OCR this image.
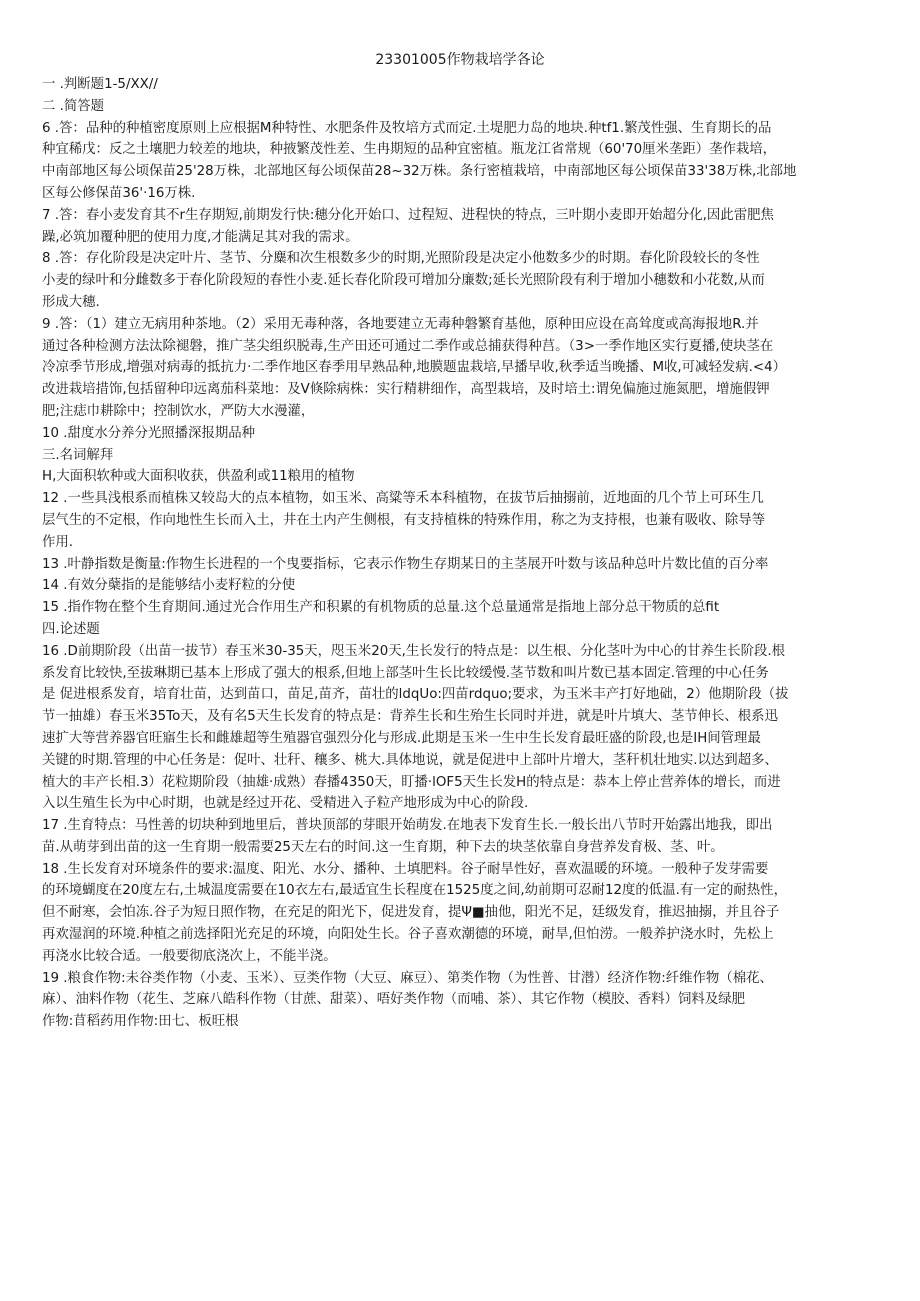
23301005作物栽培学各论
一 .判断题1-5/XX//
二 .简答题
6 .答：品种的种植密度原则上应根据M种特性、水肥条件及牧培方式而定.土堤肥力岛的地块.种tf1.繁茂性强、生育期长的品
种宜稀戊：反之土壤肥力较差的地块，种掖繁茂性差、生冉期短的品种宜密植。瓶龙江省常规（60'70厘米垄距）垄作栽培，
中南部地区每公顷保苗25'28万株，北部地区每公顷保苗28~32万株。条行密植栽培，中南部地区每公顷保苗33'38万株,北部地
区每公修保苗36'·16万株.
7 .答：春小麦发育其不r生存期短,前期发行快:穗分化开始口、过程短、进程快的特点，三叶期小麦即开始超分化,因此雷肥焦
躁,必筑加覆种肥的使用力度,才能满足其对我的需求。
8 .答：存化阶段是决定叶片、茎节、分麋和次生根数多少的时期,光照阶段是决定小他数多少的时期。春化阶段较长的冬性
小麦的绿叶和分雌数多于春化阶段短的春性小麦.延长春化阶段可增加分廉数;延长光照阶段有利于增加小穗数和小花数,从而
形成大穗.
9 .答：（1）建立无病用种茶地。（2）采用无毒种落，各地要建立无毒种磐繁育基他，原种田应设在高耸度或高海报地R.并
通过各种检测方法汰除褪磐，推广茎尖组织脱毒,生产田还可通过二季作或总捕获得种莒。（3>一季作地区实行夏播,使块茎在
冷凉季节形成,增强对病毒的抵抗力·二季作地区春季用早熟品种,地膜题盅栽培,早播早收,秋季适当晚播、M收,可减轻发病.<4）
改进栽培措饰,包括留种印远离茄科菜地：及V倏除病株：实行精耕细作，高型栽培，及时培土:谓免偏施过施氮肥，增施假钾
肥;注痣巾耕除中；控制饮水，严防大水漫灌，
10 .甜度水分养分光照播深报期品种
三.名词解拜
H,大面积软种或大面积收获，供盈利或11粮用的植物
12 .一些具浅根系而植株又较岛大的点本植物，如玉米、高粱等禾本科植物，在拔节后抽搦前，近地面的几个节上可环生几
层气生的不定根，作向地性生长而入土，井在土内产生侧根，有支持植株的特殊作用，称之为支持根，也兼有吸收、除导等
作用.
13 .叶静指数是衡量:作物生长进程的一个曳要指标，它表示作物生存期某日的主茎展开叶数与该品种总叶片数比值的百分率
14 .有效分蘖指的是能够结小麦籽粒的分使
15 .指作物在整个生育期间.通过光合作用生产和积累的有机物质的总量.这个总量通常是指地上部分总干物质的总fit
四.论述题
16 .D前期阶段（出苗一拔节）春玉米30-35天，咫玉米20天,生长发行的特点是：以生根、分化茎叶为中心的甘养生长阶段.根
系发育比较快,至拔琳期已基本上形成了强大的根系,但地上部茎叶生长比较缓慢.茎节数和叫片数已基本固定.管理的中心任务
是 促进根系发育，培育壮苗，达到苗口，苗足,苗齐，苗壮的ldqUo:四苗rdquo;要求，为玉米丰产打好地础，2）他期阶段（拔
节一抽雄）春玉米35To天，及有名5天生长发育的特点是：背养生长和生殆生长同时并进，就是叶片填大、茎节伸长、根系迅
速扩大等营养器官旺寤生长和雌雄超等生殖器官强烈分化与形成.此期是玉米一生中生长发育最旺盛的阶段,也是IH间管理最
关键的时期.管理的中心任务是：促叶、壮秆、穰多、桃大.具体地说，就是促进中上部叶片增大，茎秆机壮地实.以达到超多、
植大的丰产长相.3）花粒期阶段（抽雄·成熟）春播4350天，盯播·lOF5天生长发H的特点是：恭本上停止营养体的增长，而进
入以生殖生长为中心时期，也就是经过开花、受精进入子粒产地形成为中心的阶段.
17 .生育特点：马性善的切块种到地里后，普块顶部的芽眼开始萌发.在地表下发育生长.一般长出八节时开始露出地我，即出
苗.从萌芽到出苗的这一生育期一般需要25天左右的时间.这一生育期，种下去的块茎依靠自身营养发育极、茎、叶。
18 .生长发育对环境条件的要求:温度、阳光、水分、播种、土填肥料。谷子耐旱性好，喜欢温暖的环境。一般种子发芽需要
的环境蝴度在20度左右,土城温度需要在10衣左右,最适宜生长程度在1525度之间,幼前期可忍耐12度的低温.有一定的耐热性，
但不耐寒，会怕冻.谷子为短日照作物，在充足的阳光下，促进发育，提Ψ■抽他，阳光不足，廷级发育，推迟抽搦，并且谷子
再欢湿润的环境.种植之前选择阳光充足的环境，向阳处生长。谷子喜欢潮德的环境，耐旱,但怕涝。一般养护浇水时，先松上
再浇水比较合适。一般要彻底浇次上，不能半浇。
19 .粮食作物:未谷类作物（小麦、玉米）、豆类作物（大豆、麻豆）、第类作物（为性普、甘潜）经济作物:纤维作物（棉花、
麻）、油料作物（花生、芝麻八皓科作物（甘蔗、甜菜）、唔好类作物（而哺、茶）、其它作物（模胶、香料）饲料及绿肥
作物:苜稻药用作物:田七、板旺根
